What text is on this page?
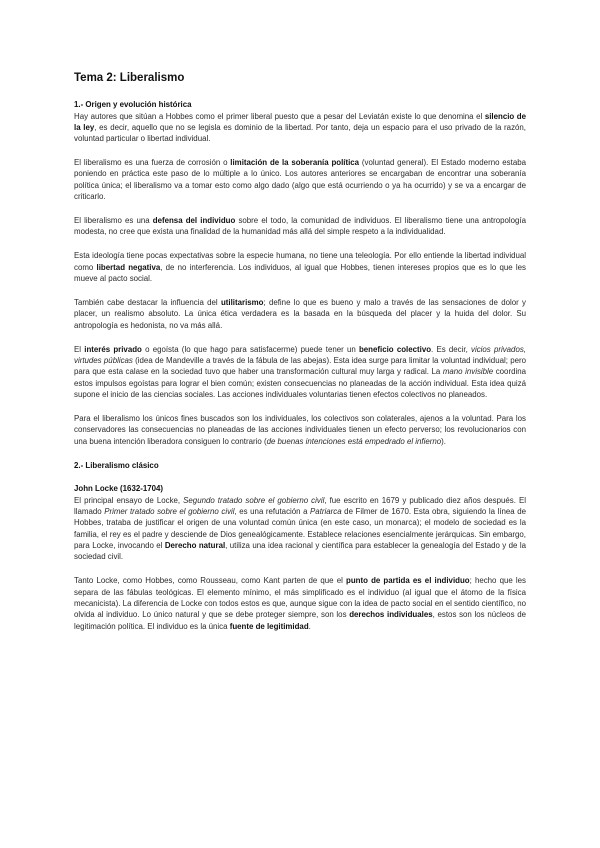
Tema 2: Liberalismo
1.- Origen y evolución histórica

Hay autores que sitúan a Hobbes como el primer liberal puesto que a pesar del Leviatán existe lo que denomina el silencio de la ley, es decir, aquello que no se legisla es dominio de la libertad. Por tanto, deja un espacio para el uso privado de la razón, voluntad particular o libertad individual.

El liberalismo es una fuerza de corrosión o limitación de la soberanía política (voluntad general). El Estado moderno estaba poniendo en práctica este paso de lo múltiple a lo único. Los autores anteriores se encargaban de encontrar una soberanía política única; el liberalismo va a tomar esto como algo dado (algo que está ocurriendo o ya ha ocurrido) y se va a encargar de criticarlo.

El liberalismo es una defensa del individuo sobre el todo, la comunidad de individuos. El liberalismo tiene una antropología modesta, no cree que exista una finalidad de la humanidad más allá del simple respeto a la individualidad.

Esta ideología tiene pocas expectativas sobre la especie humana, no tiene una teleología. Por ello entiende la libertad individual como libertad negativa, de no interferencia. Los individuos, al igual que Hobbes, tienen intereses propios que es lo que les mueve al pacto social.

También cabe destacar la influencia del utilitarismo; define lo que es bueno y malo a través de las sensaciones de dolor y placer, un realismo absoluto. La única ética verdadera es la basada en la búsqueda del placer y la huida del dolor. Su antropología es hedonista, no va más allá.

El interés privado o egoísta (lo que hago para satisfacerme) puede tener un beneficio colectivo. Es decir, vicios privados, virtudes públicas (idea de Mandeville a través de la fábula de las abejas). Esta idea surge para limitar la voluntad individual; pero para que esta calase en la sociedad tuvo que haber una transformación cultural muy larga y radical. La mano invisible coordina estos impulsos egoístas para lograr el bien común; existen consecuencias no planeadas de la acción individual. Esta idea quizá supone el inicio de las ciencias sociales. Las acciones individuales voluntarias tienen efectos colectivos no planeados.

Para el liberalismo los únicos fines buscados son los individuales, los colectivos son colaterales, ajenos a la voluntad. Para los conservadores las consecuencias no planeadas de las acciones individuales tienen un efecto perverso; los revolucionarios con una buena intención liberadora consiguen lo contrario (de buenas intenciones está empedrado el infierno).

2.- Liberalismo clásico
John Locke (1632-1704)

El principal ensayo de Locke, Segundo tratado sobre el gobierno civil, fue escrito en 1679 y publicado diez años después. El llamado Primer tratado sobre el gobierno civil, es una refutación a Patriarca de Filmer de 1670. Esta obra, siguiendo la línea de Hobbes, trataba de justificar el origen de una voluntad común única (en este caso, un monarca); el modelo de sociedad es la familia, el rey es el padre y desciende de Dios genealógicamente. Establece relaciones esencialmente jerárquicas. Sin embargo, para Locke, invocando el Derecho natural, utiliza una idea racional y científica para establecer la genealogía del Estado y de la sociedad civil.

Tanto Locke, como Hobbes, como Rousseau, como Kant parten de que el punto de partida es el individuo; hecho que les separa de las fábulas teológicas. El elemento mínimo, el más simplificado es el individuo (al igual que el átomo de la física mecanicista). La diferencia de Locke con todos estos es que, aunque sigue con la idea de pacto social en el sentido científico, no olvida al individuo. Lo único natural y que se debe proteger siempre, son los derechos individuales, estos son los núcleos de legitimación política. El individuo es la única fuente de legitimidad.
